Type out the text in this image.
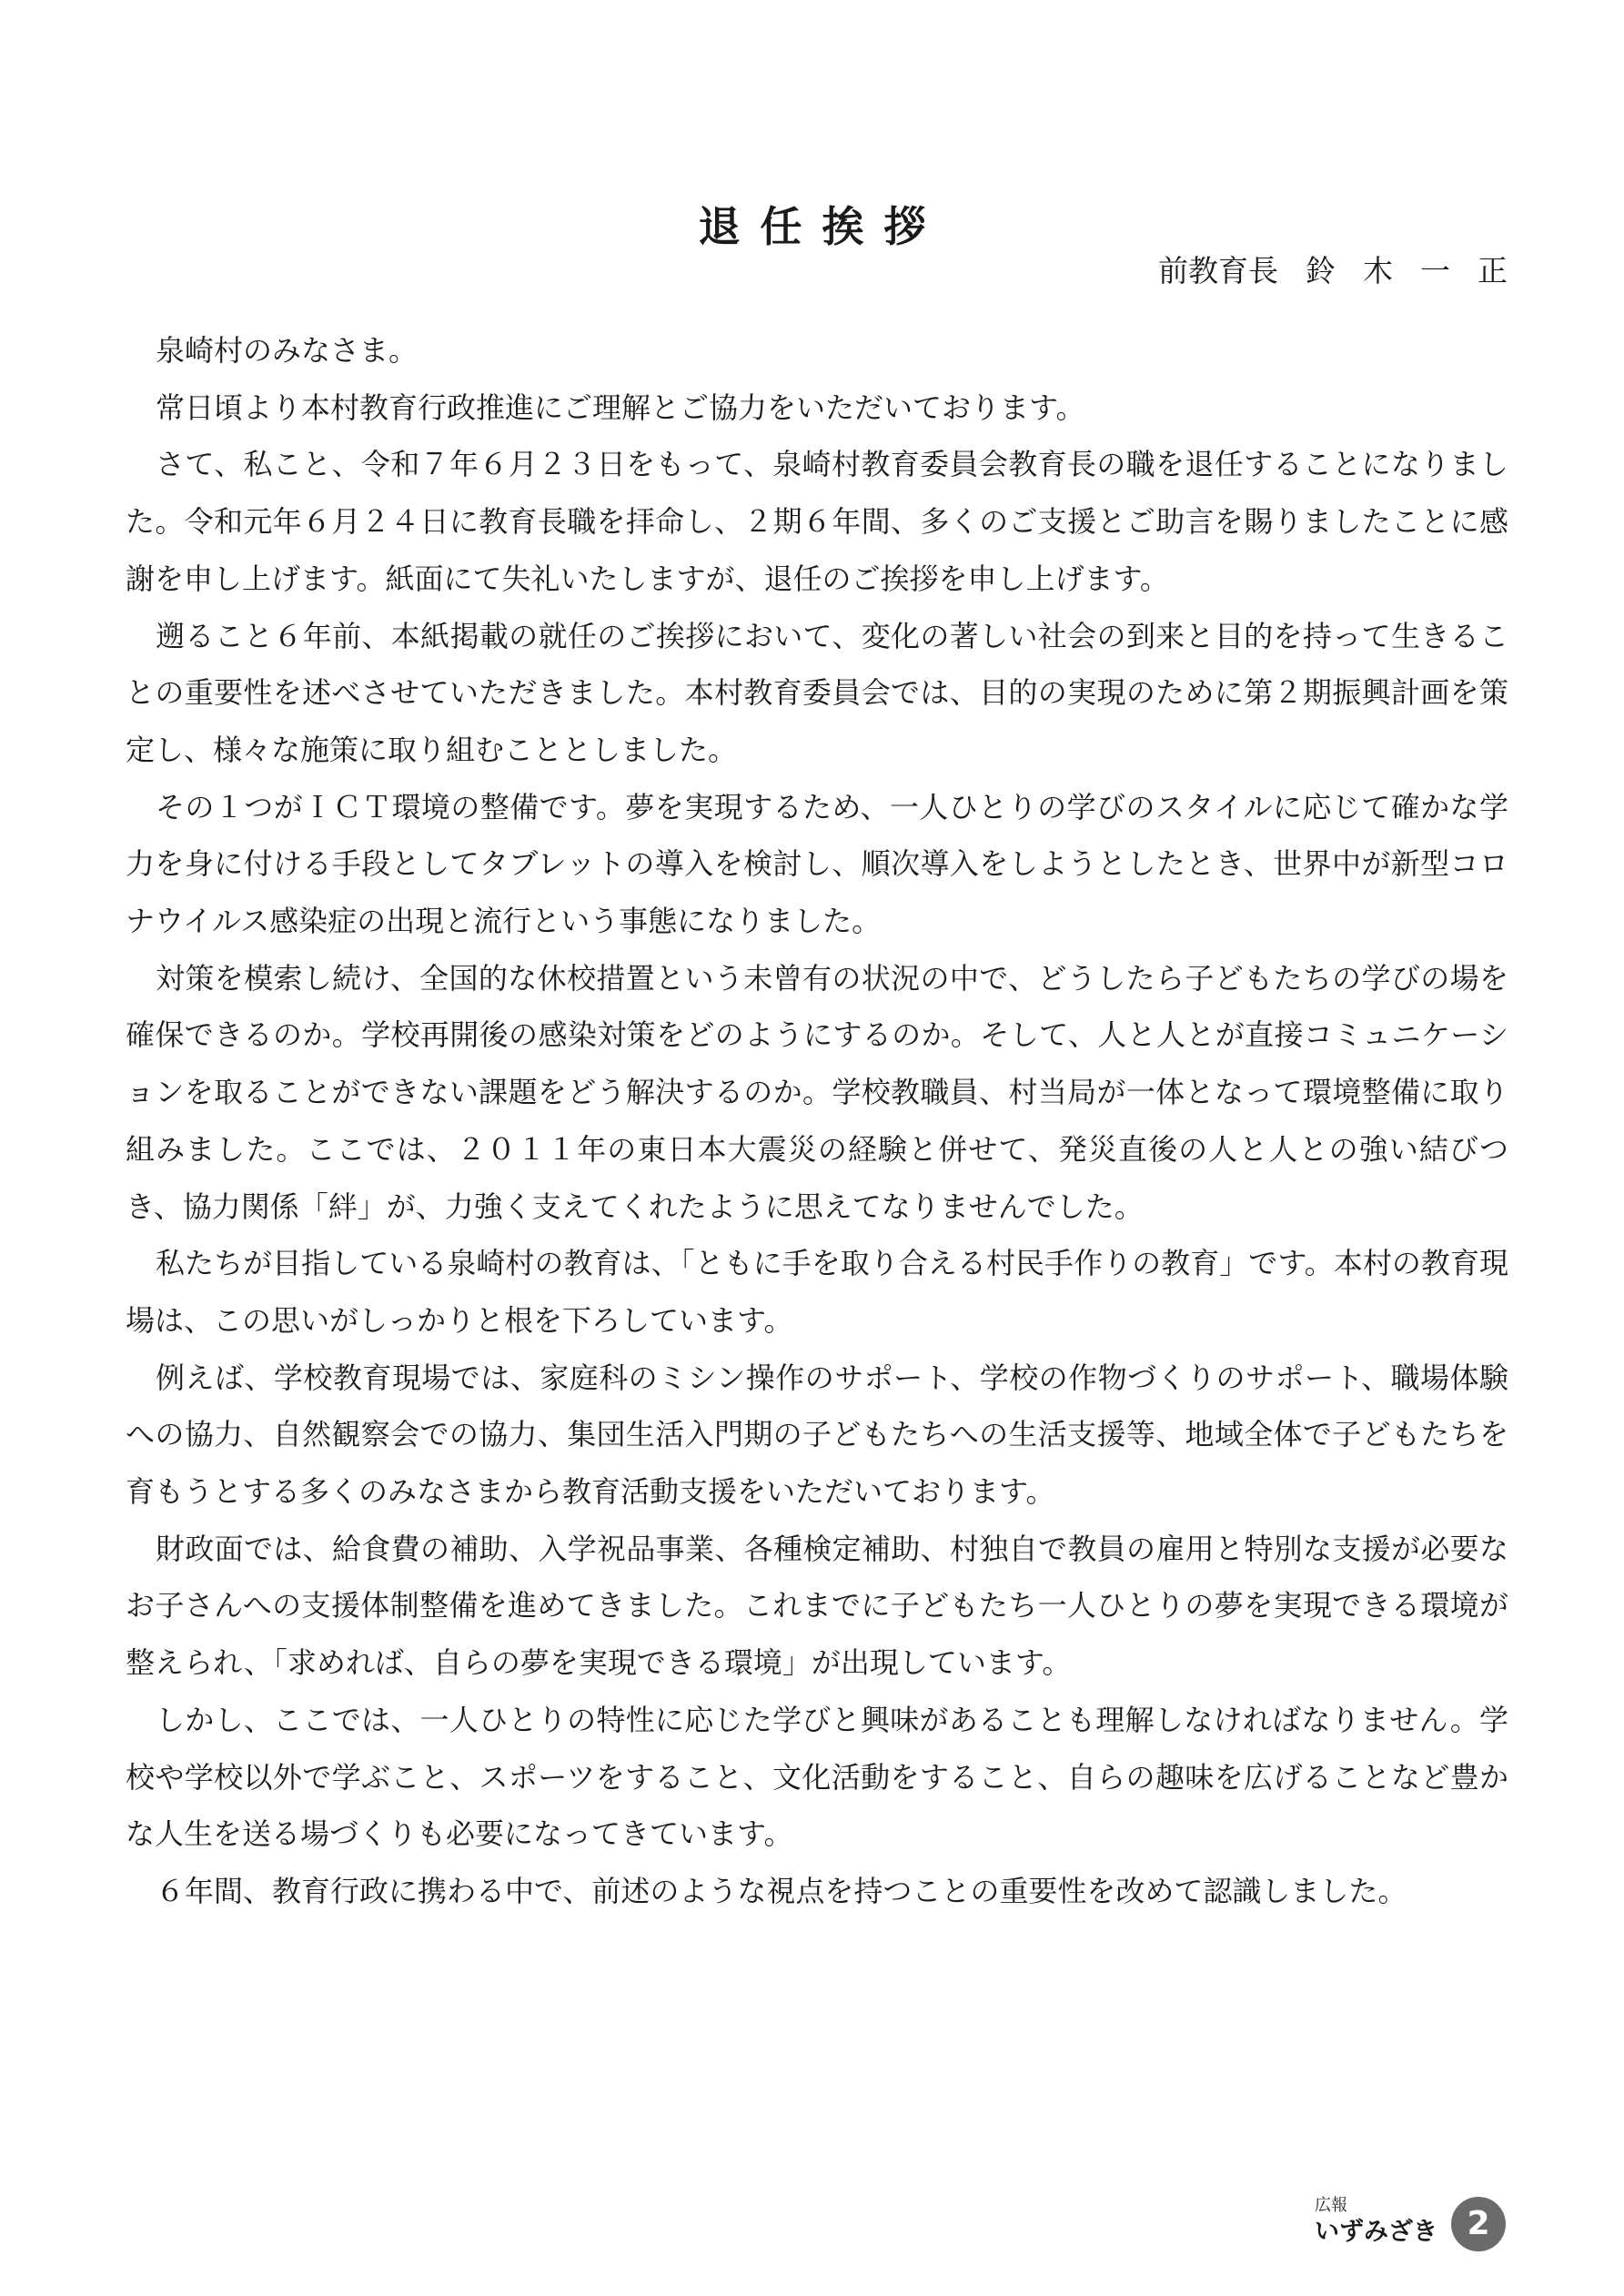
退任挨拶
前教育長 鈴木一正

泉崎村のみなさま。

常日頃より本村教育行政推進にご理解とご協力をいただいております。

さて、私こと、令和７年６月２３日をもって、泉崎村教育委員会教育長の職を退任することになりました。令和元年６月２４日に教育長職を拝命し、２期６年間、多くのご支援とご助言を賜りましたことに感謝を申し上げます。紙面にて失礼いたしますが、退任のご挨拶を申し上げます。

遡ること６年前、本紙掲載の就任のご挨拶において、変化の著しい社会の到来と目的を持って生きることの重要性を述べさせていただきました。本村教育委員会では、目的の実現のために第２期振興計画を策定し、様々な施策に取り組むこととしました。

その１つがＩＣＴ環境の整備です。夢を実現するため、一人ひとりの学びのスタイルに応じて確かな学力を身に付ける手段としてタブレットの導入を検討し、順次導入をしようとしたとき、世界中が新型コロナウイルス感染症の出現と流行という事態になりました。

対策を模索し続け、全国的な休校措置という未曾有の状況の中で、どうしたら子どもたちの学びの場を確保できるのか。学校再開後の感染対策をどのようにするのか。そして、人と人とが直接コミュニケーションを取ることができない課題をどう解決するのか。学校教職員、村当局が一体となって環境整備に取り組みました。ここでは、２０１１年の東日本大震災の経験と併せて、発災直後の人と人との強い結びつき、協力関係「絆」が、力強く支えてくれたように思えてなりませんでした。

私たちが目指している泉崎村の教育は、「ともに手を取り合える村民手作りの教育」です。本村の教育現場は、この思いがしっかりと根を下ろしています。

例えば、学校教育現場では、家庭科のミシン操作のサポート、学校の作物づくりのサポート、職場体験への協力、自然観察会での協力、集団生活入門期の子どもたちへの生活支援等、地域全体で子どもたちを育もうとする多くのみなさまから教育活動支援をいただいております。

財政面では、給食費の補助、入学祝品事業、各種検定補助、村独自で教員の雇用と特別な支援が必要なお子さんへの支援体制整備を進めてきました。これまでに子どもたち一人ひとりの夢を実現できる環境が整えられ、「求めれば、自らの夢を実現できる環境」が出現しています。

しかし、ここでは、一人ひとりの特性に応じた学びと興味があることも理解しなければなりません。学校や学校以外で学ぶこと、スポーツをすること、文化活動をすること、自らの趣味を広げることなど豊かな人生を送る場づくりも必要になってきています。

６年間、教育行政に携わる中で、前述のような視点を持つことの重要性を改めて認識しました。

広報
いずみざき 2
